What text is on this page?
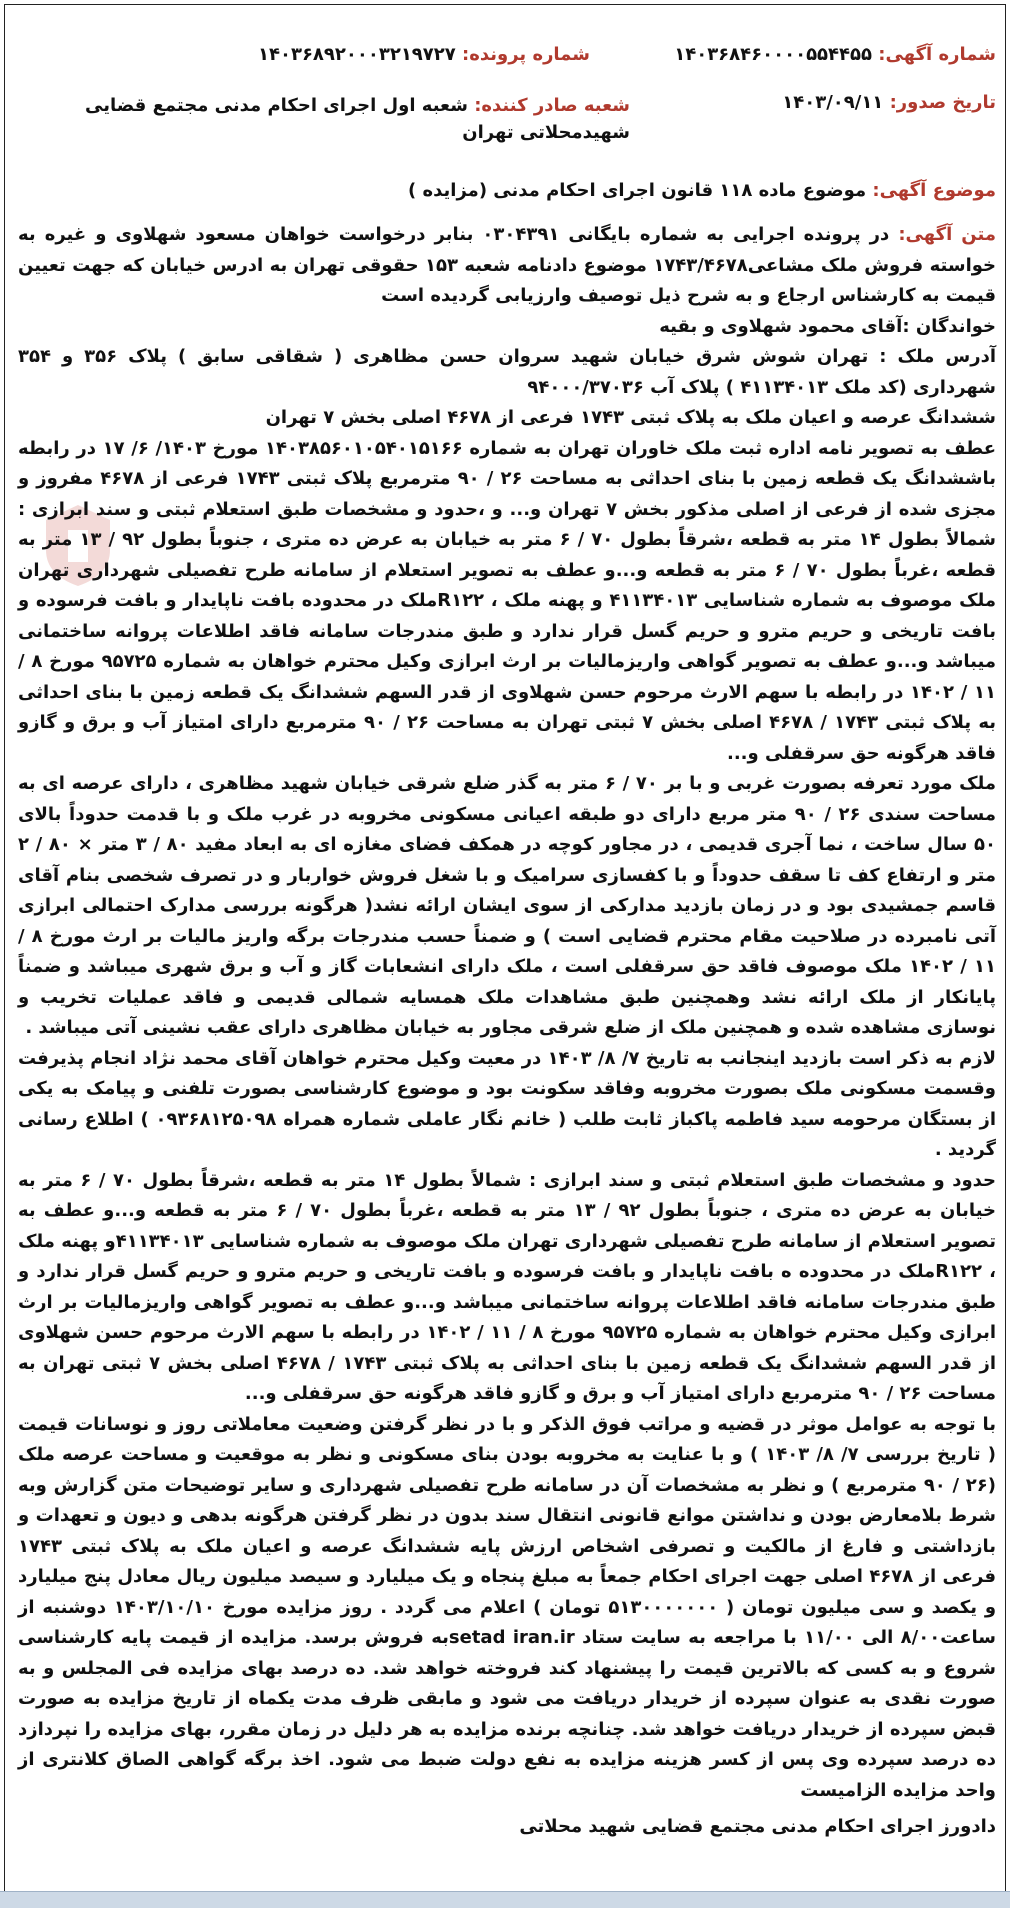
شماره آگهی: ۱۴۰۳۶۸۴۶۰۰۰۰۵۵۴۴۵۵
شماره پرونده: ۱۴۰۳۶۸۹۲۰۰۰۳۲۱۹۷۲۷
تاریخ صدور: ۱۴۰۳/۰۹/۱۱
شعبه صادر کننده: شعبه اول اجرای احکام مدنی مجتمع قضایی شهیدمحلاتی تهران
موضوع آگهی: موضوع ماده ۱۱۸ قانون اجرای احکام مدنی (مزایده )

متن آگهی: در پرونده اجرایی به شماره بایگانی ۰۳۰۴۳۹۱ بنابر درخواست خواهان مسعود شهلاوی و غیره به خواسته فروش ملک مشاعی۱۷۴۳/۴۶۷۸ موضوع دادنامه شعبه ۱۵۳ حقوقی تهران به ادرس خیابان که جهت تعیین قیمت به کارشناس ارجاع و به شرح ذیل توصیف وارزیابی گردیده است

خواندگان :آقای محمود شهلاوی و بقیه

آدرس ملک : تهران شوش شرق خیابان شهید سروان حسن مظاهری ( شقاقی سابق ) پلاک ۳۵۶ و ۳۵۴ شهرداری (کد ملک ۴۱۱۳۴۰۱۳ ) پلاک آب ۹۴۰۰۰/۳۷۰۳۶

ششدانگ عرصه و اعیان ملک به پلاک ثبتی ۱۷۴۳ فرعی از ۴۶۷۸ اصلی بخش ۷ تهران

عطف به تصویر نامه اداره ثبت ملک خاوران تهران به شماره ۱۴۰۳۸۵۶۰۱۰۵۴۰۱۵۱۶۶ مورخ ۱۴۰۳/ ۶/ ۱۷ در رابطه باششدانگ یک قطعه زمین با بنای احداثی به مساحت ۲۶ / ۹۰ مترمربع پلاک ثبتی ۱۷۴۳ فرعی از ۴۶۷۸ مفروز و مجزی شده از فرعی از اصلی مذکور بخش ۷ تهران و... و ،حدود و مشخصات طبق استعلام ثبتی و سند ابرازی : شمالاً بطول ۱۴ متر به قطعه ،شرقاً بطول ۷۰ / ۶ متر به خیابان به عرض ده متری ، جنوباً بطول ۹۲ / ۱۳ متر به قطعه ،غرباً بطول ۷۰ / ۶ متر به قطعه و...و عطف به تصویر استعلام از سامانه طرح تفصیلی شهرداری تهران ملک موصوف به شماره شناسایی ۴۱۱۳۴۰۱۳ و پهنه ملک ، R۱۲۲ملک در محدوده بافت ناپایدار و بافت فرسوده و بافت تاریخی و حریم مترو و حریم گسل قرار ندارد و طبق مندرجات سامانه فاقد اطلاعات پروانه ساختمانی میباشد و...و عطف به تصویر گواهی واریزمالیات بر ارث ابرازی وکیل محترم خواهان به شماره ۹۵۷۲۵ مورخ ۸ / ۱۱ / ۱۴۰۲ در رابطه با سهم الارث مرحوم حسن شهلاوی از قدر السهم ششدانگ یک قطعه زمین با بنای احداثی به پلاک ثبتی ۱۷۴۳ / ۴۶۷۸ اصلی بخش ۷ ثبتی تهران به مساحت ۲۶ / ۹۰ مترمربع دارای امتیاز آب و برق و گازو فاقد هرگونه حق سرقفلی و...

ملک مورد تعرفه بصورت غربی و با بر ۷۰ / ۶ متر به گذر ضلع شرقی خیابان شهید مظاهری ، دارای عرصه ای به مساحت سندی ۲۶ / ۹۰ متر مربع دارای دو طبقه اعیانی مسکونی مخروبه در غرب ملک و با قدمت حدوداً بالای ۵۰ سال ساخت ، نما آجری قدیمی ، در مجاور کوچه در همکف فضای مغازه ای به ابعاد مفید ۸۰ / ۳ متر × ۸۰ / ۲ متر و ارتفاع کف تا سقف حدوداً و با کفسازی سرامیک و با شغل فروش خواربار و در تصرف شخصی بنام آقای قاسم جمشیدی بود و در زمان بازدید مدارکی از سوی ایشان ارائه نشد( هرگونه بررسی مدارک احتمالی ابرازی آتی نامبرده در صلاحیت مقام محترم قضایی است ) و ضمناً حسب مندرجات برگه واریز مالیات بر ارث مورخ ۸ / ۱۱ / ۱۴۰۲ ملک موصوف فاقد حق سرقفلی است ، ملک دارای انشعابات گاز و آب و برق شهری میباشد و ضمناً پایانکار از ملک ارائه نشد وهمچنین طبق مشاهدات ملک همسایه شمالی قدیمی و فاقد عملیات تخریب و نوسازی مشاهده شده و همچنین ملک از ضلع شرقی مجاور به خیابان مظاهری دارای عقب نشینی آتی میباشد .

لازم به ذکر است بازدید اینجانب به تاریخ ۷/ ۸/ ۱۴۰۳ در معیت وکیل محترم خواهان آقای محمد نژاد انجام پذیرفت وقسمت مسکونی ملک بصورت مخروبه وفاقد سکونت بود و موضوع کارشناسی بصورت تلفنی و پیامک به یکی از بستگان مرحومه سید فاطمه پاکباز ثابت طلب ( خانم نگار عاملی شماره همراه ۰۹۳۶۸۱۲۵۰۹۸ ) اطلاع رسانی گردید .

حدود و مشخصات طبق استعلام ثبتی و سند ابرازی : شمالاً بطول ۱۴ متر به قطعه ،شرقاً بطول ۷۰ / ۶ متر به خیابان به عرض ده متری ، جنوباً بطول ۹۲ / ۱۳ متر به قطعه ،غرباً بطول ۷۰ / ۶ متر به قطعه و...و عطف به تصویر استعلام از سامانه طرح تفصیلی شهرداری تهران ملک موصوف به شماره شناسایی ۴۱۱۳۴۰۱۳و پهنه ملک ، R۱۲۲ملک در محدوده ه بافت ناپایدار و بافت فرسوده و بافت تاریخی و حریم مترو و حریم گسل قرار ندارد و طبق مندرجات سامانه فاقد اطلاعات پروانه ساختمانی میباشد و...و عطف به تصویر گواهی واریزمالیات بر ارث ابرازی وکیل محترم خواهان به شماره ۹۵۷۲۵ مورخ ۸ / ۱۱ / ۱۴۰۲ در رابطه با سهم الارث مرحوم حسن شهلاوی از قدر السهم ششدانگ یک قطعه زمین با بنای احداثی به پلاک ثبتی ۱۷۴۳ / ۴۶۷۸ اصلی بخش ۷ ثبتی تهران به مساحت ۲۶ / ۹۰ مترمربع دارای امتیاز آب و برق و گازو فاقد هرگونه حق سرقفلی و...

با توجه به عوامل موثر در قضیه و مراتب فوق الذکر و با در نظر گرفتن وضعیت معاملاتی روز و نوسانات قیمت ( تاریخ بررسی ۷/ ۸/ ۱۴۰۳ ) و با عنایت به مخروبه بودن بنای مسکونی و نظر به موقعیت و مساحت عرصه ملک (۲۶ / ۹۰ مترمربع ) و نظر به مشخصات آن در سامانه طرح تفصیلی شهرداری و سایر توضیحات متن گزارش وبه شرط بلامعارض بودن و نداشتن موانع قانونی انتقال سند بدون در نظر گرفتن هرگونه بدهی و دیون و تعهدات و بازداشتی و فارغ از مالکیت و تصرفی اشخاص ارزش پایه ششدانگ عرصه و اعیان ملک به پلاک ثبتی ۱۷۴۳ فرعی از ۴۶۷۸ اصلی جهت اجرای احکام جمعاً به مبلغ پنجاه و یک میلیارد و سیصد میلیون ریال معادل پنج میلیارد و یکصد و سی میلیون تومان ( ۵۱۳۰۰۰۰۰۰۰ تومان ) اعلام می گردد . روز مزایده مورخ ۱۴۰۳/۱۰/۱۰ دوشنبه از ساعت۸/۰۰ الی ۱۱/۰۰ با مراجعه به سایت ستاد setad iran.irبه فروش برسد. مزایده از قیمت پایه کارشناسی شروع و به کسی که بالاترین قیمت را پیشنهاد کند فروخته خواهد شد. ده درصد بهای مزایده فی المجلس و به صورت نقدی به عنوان سپرده از خریدار دریافت می شود و مابقی ظرف مدت یکماه از تاریخ مزایده به صورت قبض سپرده از خریدار دریافت خواهد شد. چنانچه برنده مزایده به هر دلیل در زمان مقرر، بهای مزایده را نپردازد ده درصد سپرده وی پس از کسر هزینه مزایده به نفع دولت ضبط می شود. اخذ برگه گواهی الصاق کلانتری از واحد مزایده الزامیست

دادورز اجرای احکام مدنی مجتمع قضایی شهید محلاتی
